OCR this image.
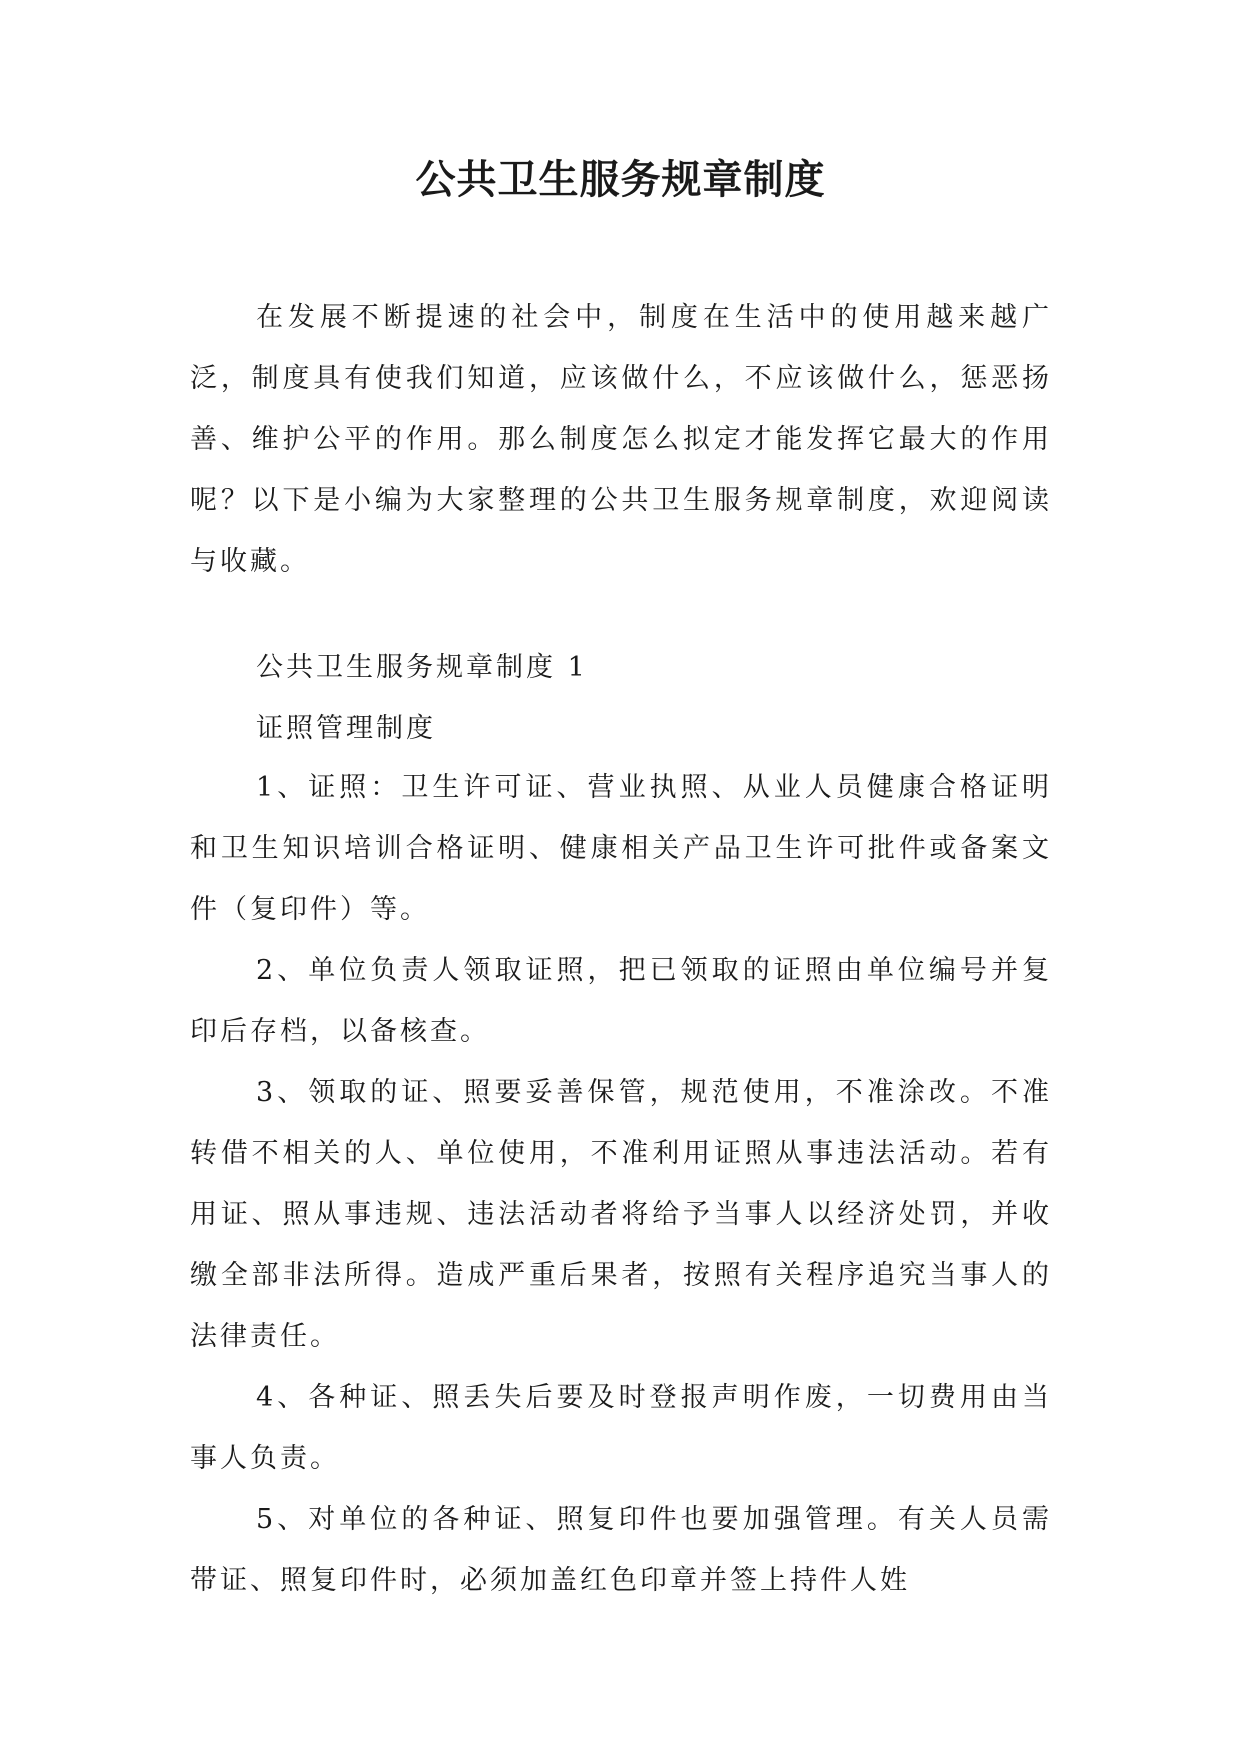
公共卫生服务规章制度

在发展不断提速的社会中，制度在生活中的使用越来越广泛，制度具有使我们知道，应该做什么，不应该做什么，惩恶扬善、维护公平的作用。那么制度怎么拟定才能发挥它最大的作用呢？以下是小编为大家整理的公共卫生服务规章制度，欢迎阅读与收藏。

公共卫生服务规章制度 1

证照管理制度

1、证照：卫生许可证、营业执照、从业人员健康合格证明和卫生知识培训合格证明、健康相关产品卫生许可批件或备案文件（复印件）等。

2、单位负责人领取证照，把已领取的证照由单位编号并复印后存档，以备核查。

3、领取的证、照要妥善保管，规范使用，不准涂改。不准转借不相关的人、单位使用，不准利用证照从事违法活动。若有用证、照从事违规、违法活动者将给予当事人以经济处罚，并收缴全部非法所得。造成严重后果者，按照有关程序追究当事人的法律责任。

4、各种证、照丢失后要及时登报声明作废，一切费用由当事人负责。

5、对单位的各种证、照复印件也要加强管理。有关人员需带证、照复印件时，必须加盖红色印章并签上持件人姓
